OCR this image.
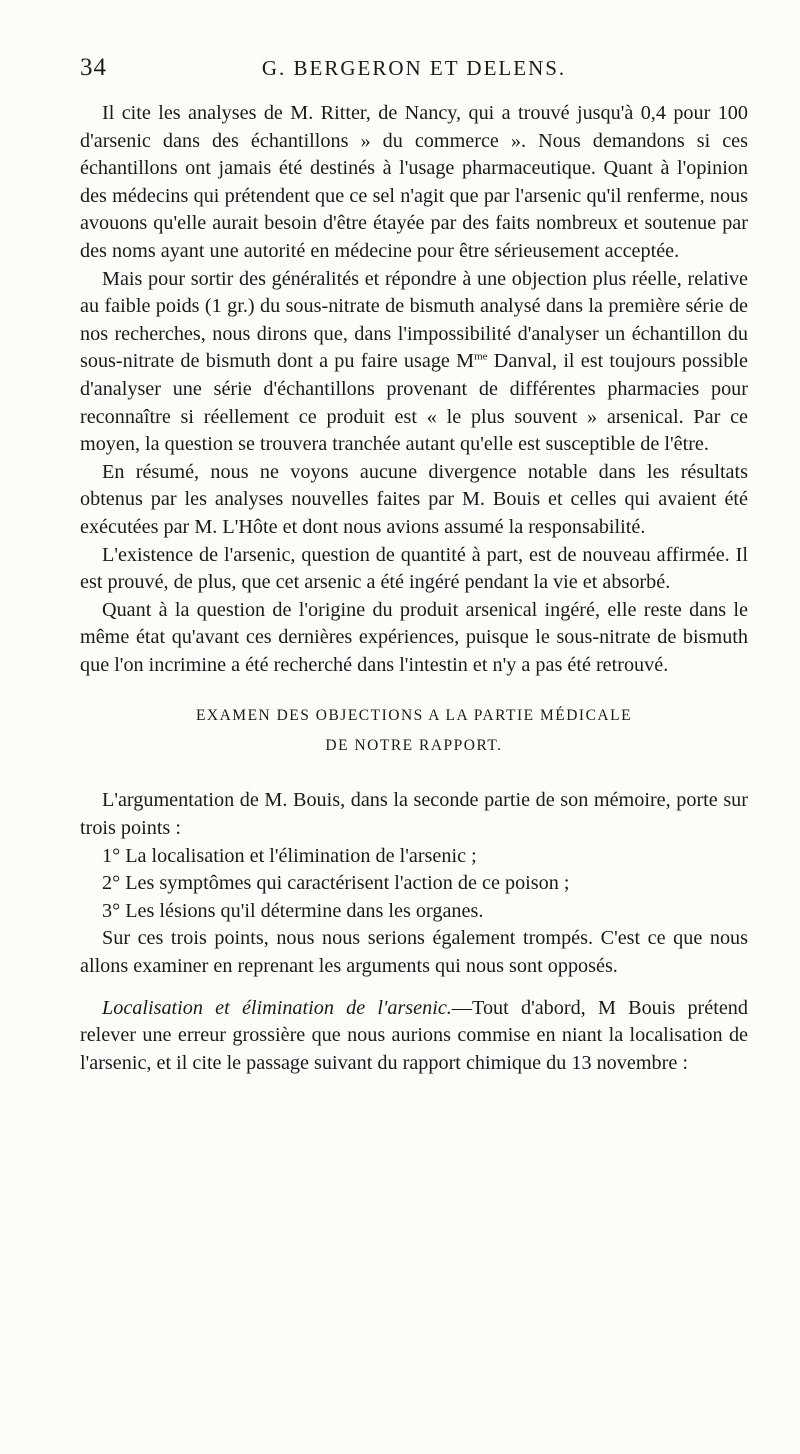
34	G. BERGERON ET DELENS.

Il cite les analyses de M. Ritter, de Nancy, qui a trouvé jusqu'à 0,4 pour 100 d'arsenic dans des échantillons » du commerce ». Nous demandons si ces échantillons ont jamais été destinés à l'usage pharmaceutique. Quant à l'opinion des médecins qui prétendent que ce sel n'agit que par l'arsenic qu'il renferme, nous avouons qu'elle aurait besoin d'être étayée par des faits nombreux et soutenue par des noms ayant une autorité en médecine pour être sérieusement acceptée.

Mais pour sortir des généralités et répondre à une objection plus réelle, relative au faible poids (1 gr.) du sous-nitrate de bismuth analysé dans la première série de nos recherches, nous dirons que, dans l'impossibilité d'analyser un échantillon du sous-nitrate de bismuth dont a pu faire usage $M^{me}$ Danval, il est toujours possible d'analyser une série d'échantillons provenant de différentes pharmacies pour reconnaître si réellement ce produit est « le plus souvent » arsenical. Par ce moyen, la question se trouvera tranchée autant qu'elle est susceptible de l'être.

En résumé, nous ne voyons aucune divergence notable dans les résultats obtenus par les analyses nouvelles faites par M. Bouis et celles qui avaient été exécutées par M. L'Hôte et dont nous avions assumé la responsabilité.

L'existence de l'arsenic, question de quantité à part, est de nouveau affirmée. Il est prouvé, de plus, que cet arsenic a été ingéré pendant la vie et absorbé.

Quant à la question de l'origine du produit arsenical ingéré, elle reste dans le même état qu'avant ces dernières expériences, puisque le sous-nitrate de bismuth que l'on incrimine a été recherché dans l'intestin et n'y a pas été retrouvé.

EXAMEN DES OBJECTIONS A LA PARTIE MÉDICALE
DE NOTRE RAPPORT.

L'argumentation de M. Bouis, dans la seconde partie de son mémoire, porte sur trois points :

1° La localisation et l'élimination de l'arsenic ;

2° Les symptômes qui caractérisent l'action de ce poison ;

3° Les lésions qu'il détermine dans les organes.

Sur ces trois points, nous nous serions également trompés. C'est ce que nous allons examiner en reprenant les arguments qui nous sont opposés.

Localisation et élimination de l'arsenic.—Tout d'abord, M Bouis prétend relever une erreur grossière que nous aurions commise en niant la localisation de l'arsenic, et il cite le passage suivant du rapport chimique du 13 novembre :
